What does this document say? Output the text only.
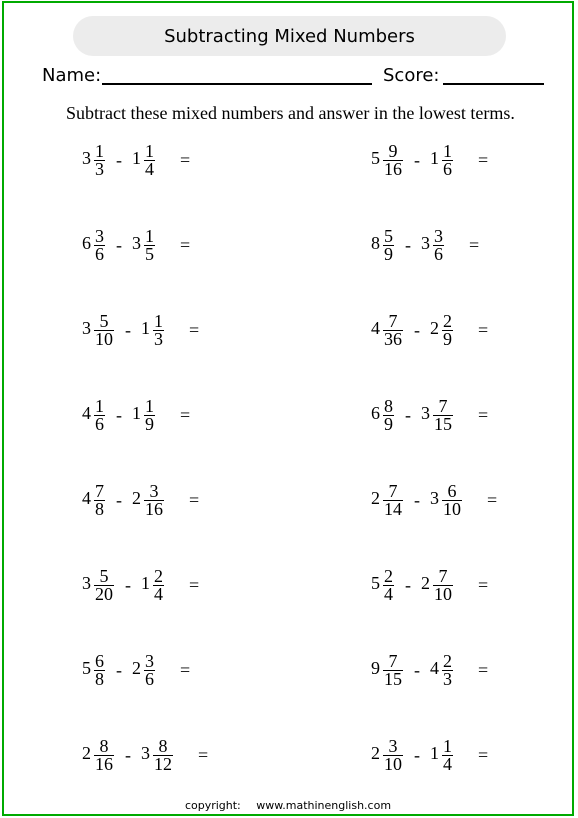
Subtracting Mixed Numbers
Name:	Score:
Subtract these mixed numbers and answer in the lowest terms.
$3 \frac{1}{3} - 1 \frac{1}{4}$ =
$6 \frac{3}{6} - 3 \frac{1}{5}$ =
$3 \frac{5}{10} - 1 \frac{1}{3}$ =
$4 \frac{1}{6} - 1 \frac{1}{9}$ =
$4 \frac{7}{8} - 2 \frac{3}{16}$ =
$3 \frac{5}{20} - 1 \frac{2}{4}$ =
$5 \frac{6}{8} - 2 \frac{3}{6}$ =
$2 \frac{8}{16} - 3 \frac{8}{12}$ =
$5 \frac{9}{16} - 1 \frac{1}{6}$ =
$8 \frac{5}{9} - 3 \frac{3}{6}$ =
$4 \frac{7}{36} - 2 \frac{2}{9}$ =
$6 \frac{8}{9} - 3 \frac{7}{15}$ =
$2 \frac{7}{14} - 3 \frac{6}{10}$ =
$5 \frac{2}{4} - 2 \frac{7}{10}$ =
$9 \frac{7}{15} - 4 \frac{2}{3}$ =
$2 \frac{3}{10} - 1 \frac{1}{4}$ =
copyright: www.mathinenglish.com
